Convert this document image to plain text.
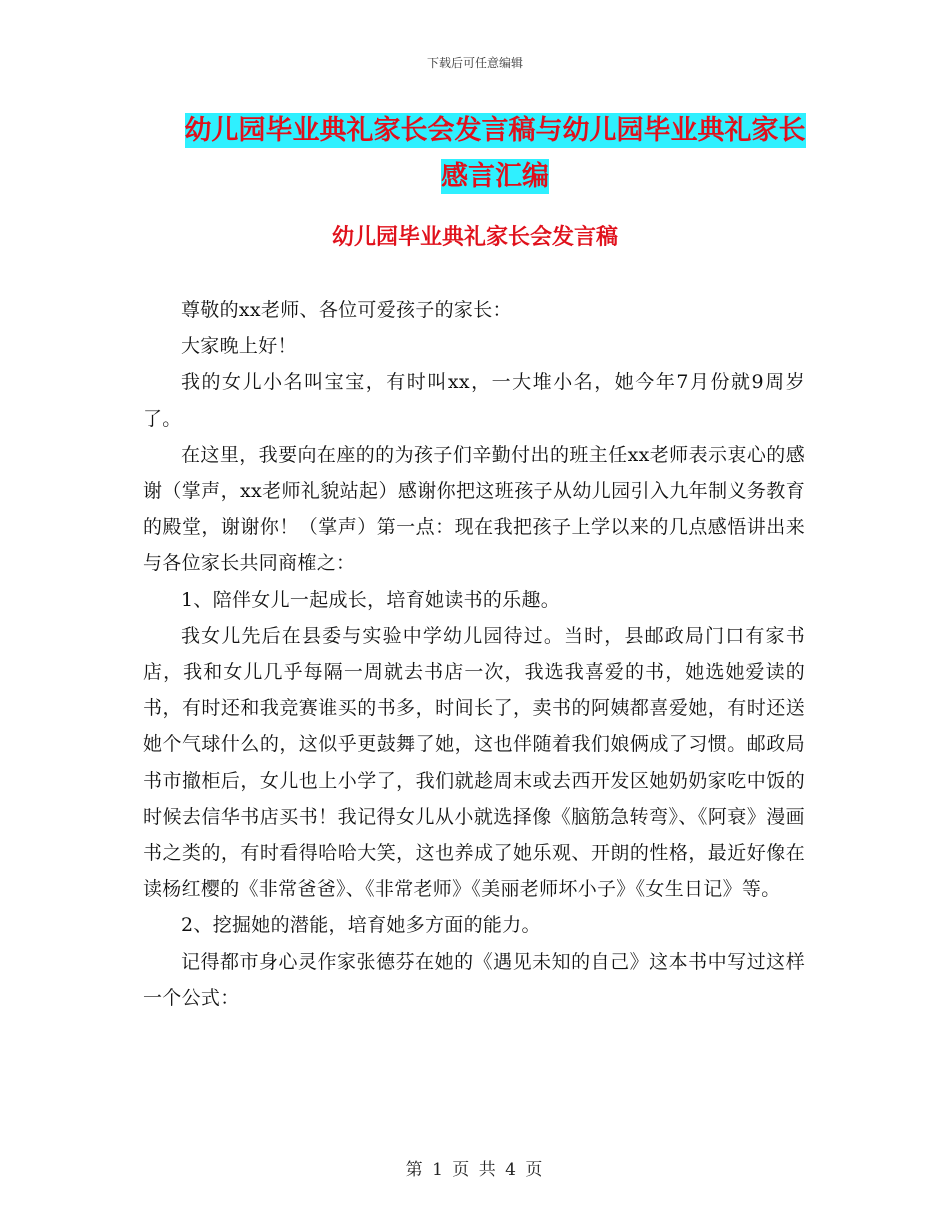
下载后可任意编辑
幼儿园毕业典礼家长会发言稿与幼儿园毕业典礼家长
感言汇编
幼儿园毕业典礼家长会发言稿

尊敬的xx老师、各位可爱孩子的家长：

大家晚上好！

我的女儿小名叫宝宝，有时叫xx，一大堆小名，她今年7月份就9周岁了。

在这里，我要向在座的的为孩子们辛勤付出的班主任xx老师表示衷心的感谢（掌声，xx老师礼貌站起）感谢你把这班孩子从幼儿园引入九年制义务教育的殿堂，谢谢你！（掌声）第一点：现在我把孩子上学以来的几点感悟讲出来与各位家长共同商榷之：

1、陪伴女儿一起成长，培育她读书的乐趣。

我女儿先后在县委与实验中学幼儿园待过。当时，县邮政局门口有家书店，我和女儿几乎每隔一周就去书店一次，我选我喜爱的书，她选她爱读的书，有时还和我竞赛谁买的书多，时间长了，卖书的阿姨都喜爱她，有时还送她个气球什么的，这似乎更鼓舞了她，这也伴随着我们娘俩成了习惯。邮政局书市撤柜后，女儿也上小学了，我们就趁周末或去西开发区她奶奶家吃中饭的时候去信华书店买书！我记得女儿从小就选择像《脑筋急转弯》、《阿衰》漫画书之类的，有时看得哈哈大笑，这也养成了她乐观、开朗的性格，最近好像在读杨红樱的《非常爸爸》、《非常老师》《美丽老师坏小子》《女生日记》等。

2、挖掘她的潜能，培育她多方面的能力。

记得都市身心灵作家张德芬在她的《遇见未知的自己》这本书中写过这样一个公式：

第 1 页 共 4 页
